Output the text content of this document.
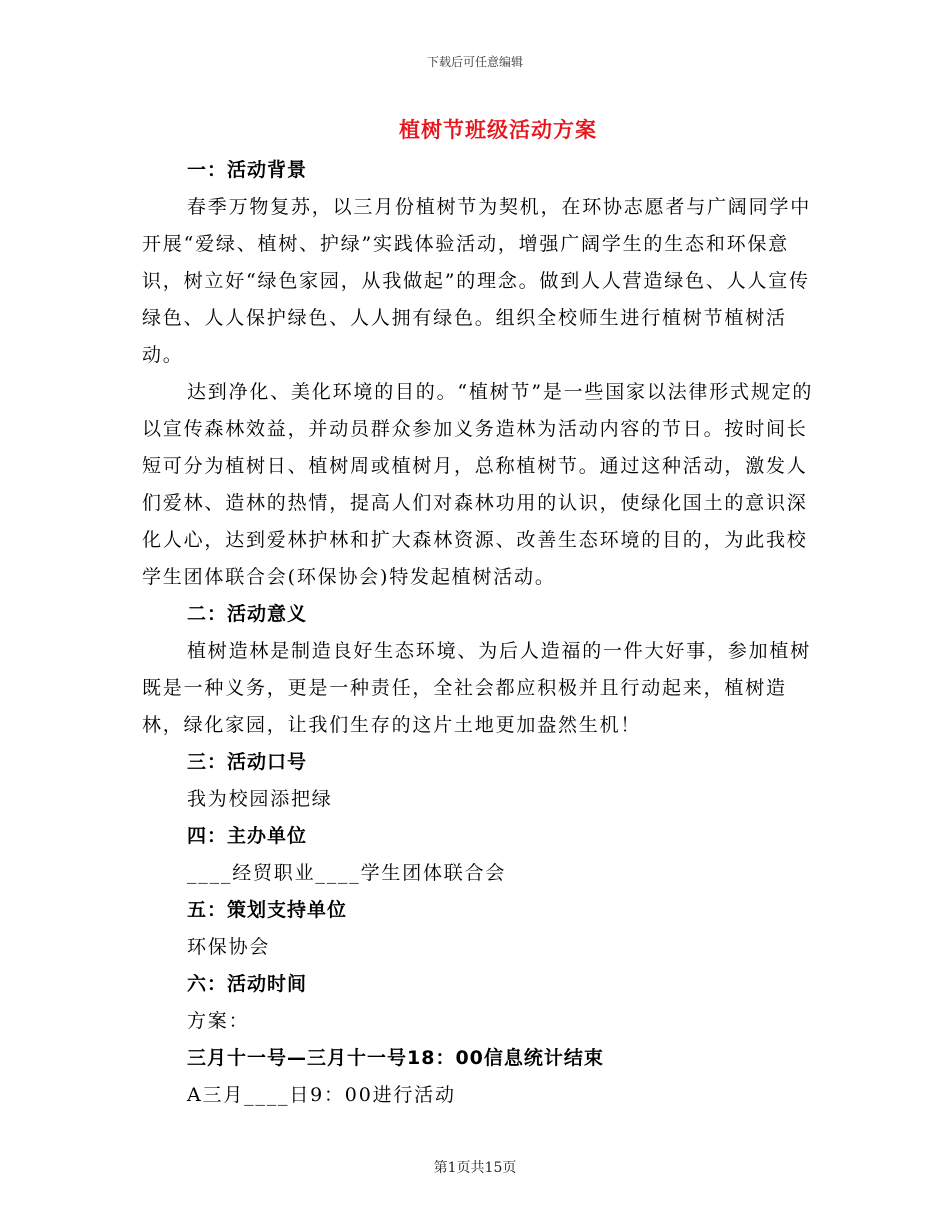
下载后可任意编辑
植树节班级活动方案

一：活动背景

春季万物复苏，以三月份植树节为契机，在环协志愿者与广阔同学中开展“爱绿、植树、护绿”实践体验活动，增强广阔学生的生态和环保意识，树立好“绿色家园，从我做起”的理念。做到人人营造绿色、人人宣传绿色、人人保护绿色、人人拥有绿色。组织全校师生进行植树节植树活动。

达到净化、美化环境的目的。“植树节”是一些国家以法律形式规定的以宣传森林效益，并动员群众参加义务造林为活动内容的节日。按时间长短可分为植树日、植树周或植树月，总称植树节。通过这种活动，激发人们爱林、造林的热情，提高人们对森林功用的认识，使绿化国土的意识深化人心，达到爱林护林和扩大森林资源、改善生态环境的目的，为此我校学生团体联合会(环保协会)特发起植树活动。

二：活动意义

植树造林是制造良好生态环境、为后人造福的一件大好事，参加植树既是一种义务，更是一种责任，全社会都应积极并且行动起来，植树造林，绿化家园，让我们生存的这片土地更加盎然生机！

三：活动口号

我为校园添把绿

四：主办单位

____经贸职业____学生团体联合会

五：策划支持单位

环保协会

六：活动时间

方案：

三月十一号—三月十一号18：00信息统计结束

A三月____日9：00进行活动

第1页共15页
